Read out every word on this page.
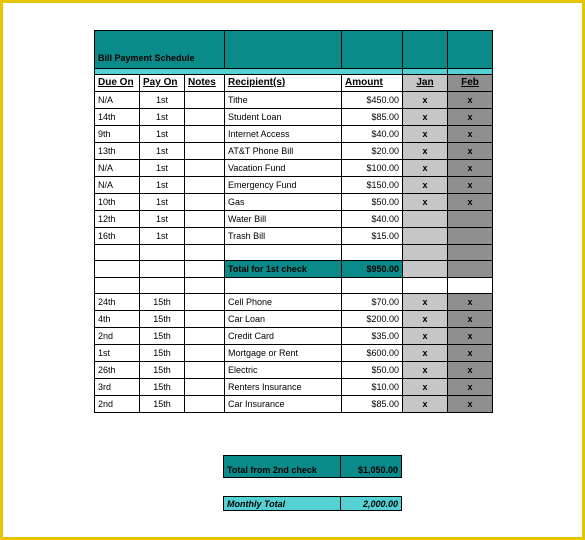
Bill Payment Schedule						

Due On	Pay On	Notes	Recipient(s)	Amount	Jan	Feb
N/A	1st		Tithe	$450.00	x	x
14th	1st		Student Loan	$85.00	x	x
9th	1st		Internet Access	$40.00	x	x
13th	1st		AT&T Phone Bill	$20.00	x	x
N/A	1st		Vacation Fund	$100.00	x	x
N/A	1st		Emergency Fund	$150.00	x	x
10th	1st		Gas	$50.00	x	x
12th	1st		Water Bill	$40.00		
16th	1st		Trash Bill	$15.00		

			Total for 1st check	$950.00		

24th	15th		Cell Phone	$70.00	x	x
4th	15th		Car Loan	$200.00	x	x
2nd	15th		Credit Card	$35.00	x	x
1st	15th		Mortgage or Rent	$600.00	x	x
26th	15th		Electric	$50.00	x	x
3rd	15th		Renters Insurance	$10.00	x	x
2nd	15th		Car Insurance	$85.00	x	x
Total from 2nd check	$1,050.00
Monthly Total	2,000.00
